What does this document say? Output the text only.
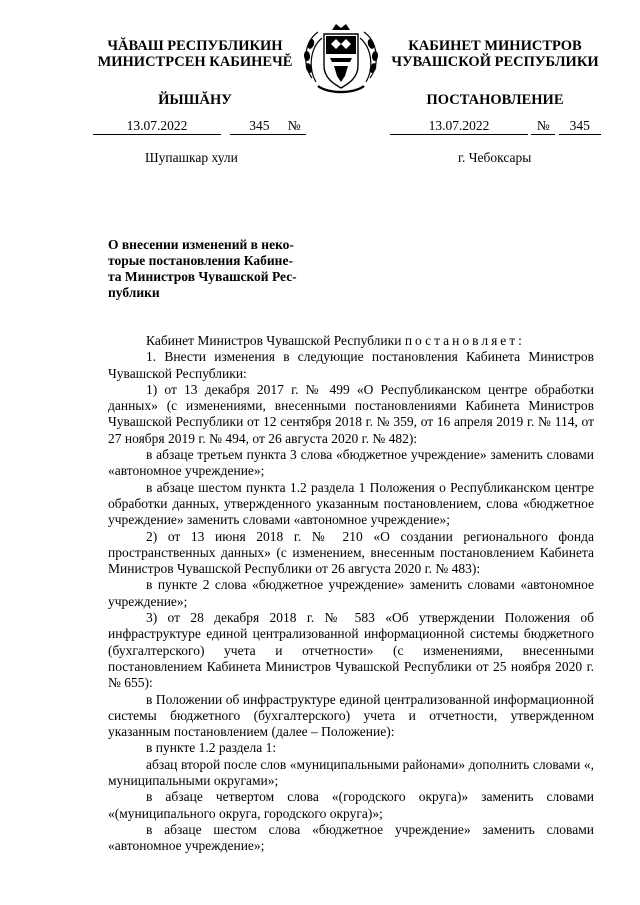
ЧĂВАШ РЕСПУБЛИКИН
МИНИСТРСЕН КАБИНЕЧĔ
ЙЫШĂНУ
КАБИНЕТ МИНИСТРОВ
ЧУВАШСКОЙ РЕСПУБЛИКИ
ПОСТАНОВЛЕНИЕ
13.07.2022	345 №	13.07.2022	№ 345
Шупашкар хули	г. Чебоксары
О внесении изменений в неко-
торые постановления Кабине-
та Министров Чувашской Рес-
публики

Кабинет Министров Чувашской Республики постановляет:

1. Внести изменения в следующие постановления Кабинета Министров Чувашской Республики:

1) от 13 декабря 2017 г. № 499 «О Республиканском центре обработки данных» (с изменениями, внесенными постановлениями Кабинета Министров Чувашской Республики от 12 сентября 2018 г. № 359, от 16 апреля 2019 г. № 114, от 27 ноября 2019 г. № 494, от 26 августа 2020 г. № 482):

в абзаце третьем пункта 3 слова «бюджетное учреждение» заменить словами «автономное учреждение»;

в абзаце шестом пункта 1.2 раздела 1 Положения о Республиканском центре обработки данных, утвержденного указанным постановлением, слова «бюджетное учреждение» заменить словами «автономное учреждение»;

2) от 13 июня 2018 г. № 210 «О создании регионального фонда пространственных данных» (с изменением, внесенным постановлением Кабинета Министров Чувашской Республики от 26 августа 2020 г. № 483):

в пункте 2 слова «бюджетное учреждение» заменить словами «автономное учреждение»;

3) от 28 декабря 2018 г. № 583 «Об утверждении Положения об инфраструктуре единой централизованной информационной системы бюджетного (бухгалтерского) учета и отчетности» (с изменениями, внесенными постановлением Кабинета Министров Чувашской Республики от 25 ноября 2020 г. № 655):

в Положении об инфраструктуре единой централизованной информационной системы бюджетного (бухгалтерского) учета и отчетности, утвержденном указанным постановлением (далее – Положение):

в пункте 1.2 раздела 1:

абзац второй после слов «муниципальными районами» дополнить словами «, муниципальными округами»;

в абзаце четвертом слова «(городского округа)» заменить словами «(муниципального округа, городского округа)»;

в абзаце шестом слова «бюджетное учреждение» заменить словами «автономное учреждение»;
